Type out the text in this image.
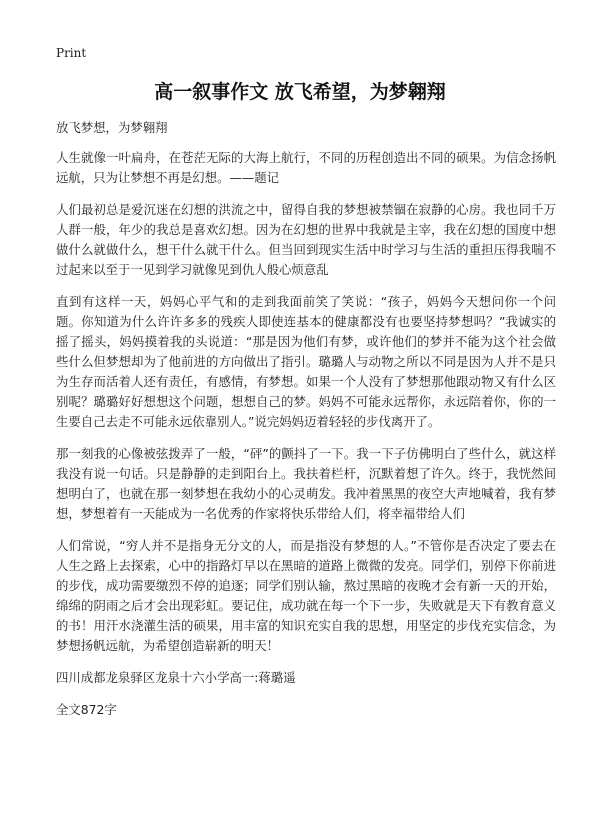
Print
高一叙事作文 放飞希望，为梦翱翔

放飞梦想，为梦翱翔

人生就像一叶扁舟，在苍茫无际的大海上航行，不同的历程创造出不同的硕果。为信念扬帆远航，只为让梦想不再是幻想。——题记

人们最初总是爱沉迷在幻想的洪流之中，留得自我的梦想被禁锢在寂静的心房。我也同千万人群一般，年少的我总是喜欢幻想。因为在幻想的世界中我就是主宰，我在幻想的国度中想做什么就做什么，想干什么就干什么。但当回到现实生活中时学习与生活的重担压得我喘不过起来以至于一见到学习就像见到仇人般心烦意乱

直到有这样一天，妈妈心平气和的走到我面前笑了笑说：“孩子，妈妈今天想问你一个问题。你知道为什么许许多多的残疾人即使连基本的健康都没有也要坚持梦想吗？”我诚实的摇了摇头，妈妈摸着我的头说道：“那是因为他们有梦，或许他们的梦并不能为这个社会做些什么但梦想却为了他前进的方向做出了指引。璐璐人与动物之所以不同是因为人并不是只为生存而活着人还有责任，有感情，有梦想。如果一个人没有了梦想那他跟动物又有什么区别呢？璐璐好好想想这个问题，想想自己的梦。妈妈不可能永远帮你，永远陪着你，你的一生要自己去走不可能永远依靠别人。”说完妈妈迈着轻轻的步伐离开了。

那一刻我的心像被弦拨弄了一般，“砰”的颤抖了一下。我一下子仿佛明白了些什么，就这样我没有说一句话。只是静静的走到阳台上。我扶着栏杆，沉默着想了许久。终于，我恍然间想明白了，也就在那一刻梦想在我幼小的心灵萌发。我冲着黑黑的夜空大声地喊着，我有梦想，梦想着有一天能成为一名优秀的作家将快乐带给人们，将幸福带给人们

人们常说，“穷人并不是指身无分文的人，而是指没有梦想的人。”不管你是否决定了要去在人生之路上去探索，心中的指路灯早以在黑暗的道路上微微的发亮。同学们，别停下你前进的步伐，成功需要缴烈不停的追逐；同学们别认输，熬过黑暗的夜晚才会有新一天的开始，绵绵的阴雨之后才会出现彩虹。要记住，成功就在每一个下一步，失败就是天下有教育意义的书！用汗水浇灌生活的硕果，用丰富的知识充实自我的思想，用坚定的步伐充实信念，为梦想扬帆远航，为希望创造崭新的明天！

四川成都龙泉驿区龙泉十六小学高一:蒋璐遥

全文872字
